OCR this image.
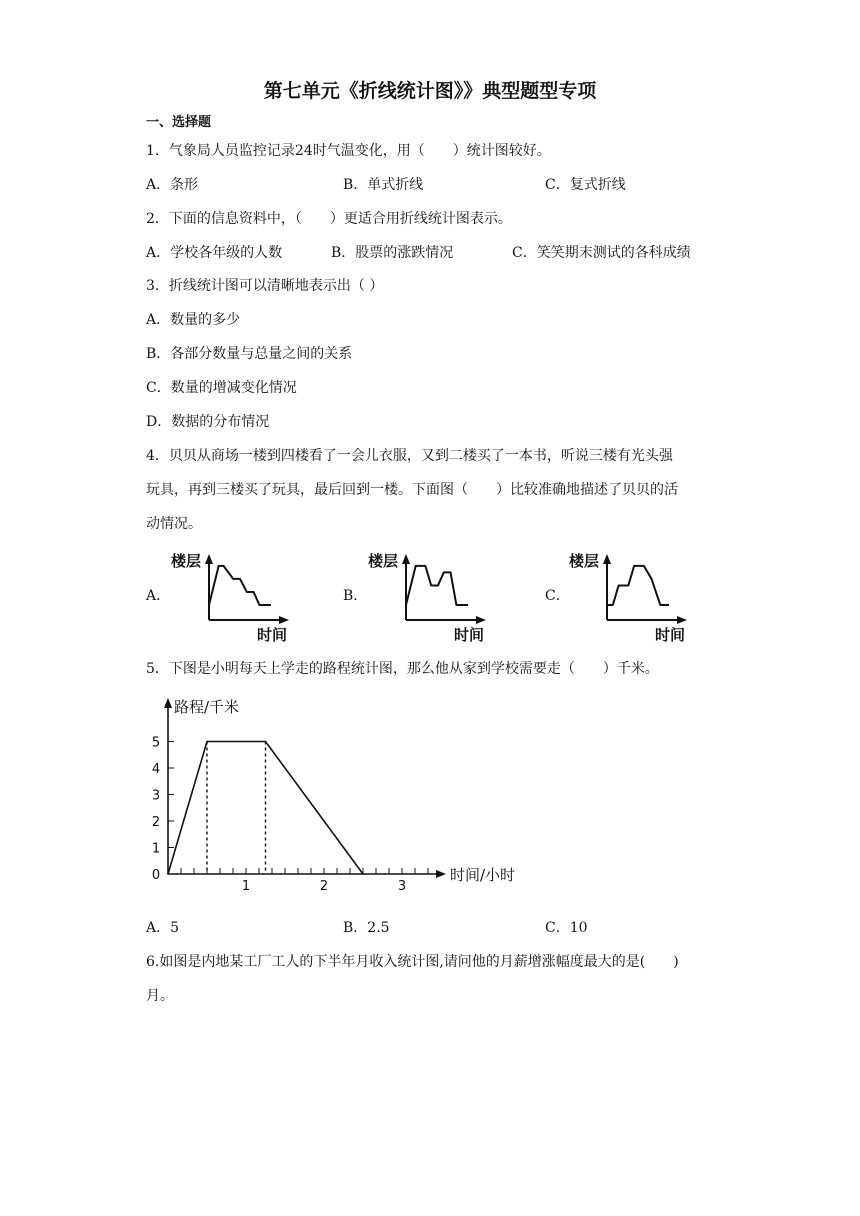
第七单元《折线统计图》》典型题型专项
一、选择题
1．气象局人员监控记录24时气温变化，用（　　）统计图较好。
A．条形	B．单式折线	C．复式折线
2．下面的信息资料中，（　　）更适合用折线统计图表示。
A．学校各年级的人数	B．股票的涨跌情况	C．笑笑期末测试的各科成绩
3．折线统计图可以清晰地表示出（ ）
A．数量的多少
B．各部分数量与总量之间的关系
C．数量的增减变化情况
D．数据的分布情况
4．贝贝从商场一楼到四楼看了一会儿衣服，又到二楼买了一本书，听说三楼有光头强
玩具，再到三楼买了玩具，最后回到一楼。下面图（　　）比较准确地描述了贝贝的活
动情况。
A．	B．	C．
楼层
时间
楼层
时间
楼层
时间
5．下图是小明每天上学走的路程统计图，那么他从家到学校需要走（　　）千米。
0
1
2
3
4
5
1	2	3
路程/千米
时间/小时
A．5	B．2.5	C．10
6.如图是内地某工厂工人的下半年月收入统计图,请问他的月薪增涨幅度最大的是(　　)
月。
